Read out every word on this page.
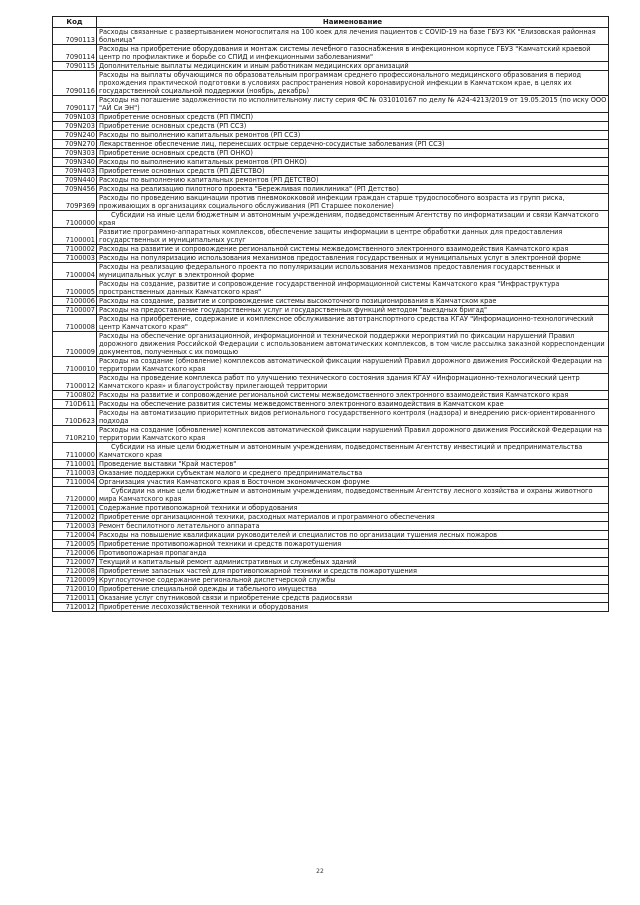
Код	Наименование
7090113	Расходы связанные с развертыванием моногоспиталя на 100 коек для лечения пациентов с COVID-19 на базе ГБУЗ КК "Елизовская районная больница"
7090114	Расходы на приобретение оборудования и монтаж системы лечебного газоснабжения в инфекционном корпусе ГБУЗ "Камчатский краевой центр по профилактике и борьбе со СПИД и инфекционными заболеваниями"
7090115	Дополнительные выплаты медицинским и иным работникам медицинских организаций
7090116	Расходы на выплаты обучающимся по образовательным программам среднего профессионального медицинского образования в период прохождения практической подготовки в условиях распространения новой коронавирусной инфекции в Камчатском крае, в целях их государственной социальной поддержки (ноябрь, декабрь)
7090117	Расходы на погашение задолженности по исполнительному листу серия ФС № 031010167 по делу № А24-4213/2019 от 19.05.2015 (по иску ООО "АЙ Си ЭН")
709N103	Приобретение основных средств (РП ПМСП)
709N203	Приобретение основных средств (РП ССЗ)
709N240	Расходы по выполнению капитальных ремонтов (РП ССЗ)
709N270	Лекарственное обеспечение лиц, перенесших острые сердечно-сосудистые заболевания (РП ССЗ)
709N303	Приобретение основных средств (РП ОНКО)
709N340	Расходы по выполнению капитальных ремонтов (РП ОНКО)
709N403	Приобретение основных средств (РП ДЕТСТВО)
709N440	Расходы по выполнению капитальных ремонтов (РП ДЕТСТВО)
709N456	Расходы на реализацию пилотного проекта "Бережливая поликлиника" (РП Детство)
709P369	Расходы по проведению вакцинации против пневмококковой инфекции граждан старше трудоспособного возраста из групп риска, проживающих в организациях социального обслуживания (РП Старшее поколение)
7100000	Субсидии на иные цели бюджетным и автономным учреждениям, подведомственным Агентству по информатизации и связи Камчатского края
7100001	Развитие программно-аппаратных комплексов, обеспечение защиты информации в центре обработки данных для предоставления государственных и муниципальных услуг
7100002	Расходы на развитие и сопровождение региональной системы межведомственного электронного взаимодействия Камчатского края
7100003	Расходы на популяризацию использования механизмов предоставления государственных и муниципальных услуг в электронной форме
7100004	Расходы на реализацию федерального проекта по популяризации использования механизмов предоставления государственных и муниципальных услуг в электронной форме
7100005	Расходы на создание, развитие и сопровождение государственной информационной системы Камчатского края "Инфраструктура пространственных данных Камчатского края"
7100006	Расходы на создание, развитие и сопровождение системы высокоточного позиционирования в Камчатском крае
7100007	Расходы на предоставление государственных услуг и государственных функций методом "выездных бригад"
7100008	Расходы на приобретение, содержание и комплексное обслуживание автотранспортного средства КГАУ "Информационно-технологический центр Камчатского края"
7100009	Расходы на обеспечение организационной, информационной и технической поддержки мероприятий по фиксации нарушений Правил дорожного движения Российской Федерации с использованием автоматических комплексов, в том числе рассылка заказной корреспонденции документов, полученных с их помощью
7100010	Расходы на создание (обновление) комплексов автоматической фиксации нарушений Правил дорожного движения Российской Федерации на территории Камчатского края
7100012	Расходы на проведение комплекса работ по улучшению технического состояния здания КГАУ «Информационно-технологический центр Камчатского края» и благоустройству прилегающей территории
7100802	Расходы на развитие и сопровождение региональной системы межведомственного электронного взаимодействия Камчатского края
710D611	Расходы на обеспечение развития системы межведомственного электронного взаимодействия в Камчатском крае
710D623	Расходы на автоматизацию приоритетных видов регионального государственного контроля (надзора) и внедрению риск-ориентированного подхода
710R210	Расходы на создание (обновление) комплексов автоматической фиксации нарушений Правил дорожного движения Российской Федерации на территории Камчатского края
7110000	Субсидии на иные цели бюджетным и автономным учреждениям, подведомственным Агентству инвестиций и предпринимательства Камчатского края
7110001	Проведение выставки "Край мастеров"
7110003	Оказание поддержки субъектам малого и среднего предпринимательства
7110004	Организация участия Камчатского края в Восточном экономическом форуме
7120000	Субсидии на иные цели бюджетным и автономным учреждениям, подведомственным Агентству лесного хозяйства и охраны животного мира Камчатского края
7120001	Содержание противопожарной техники и оборудования
7120002	Приобретение организационной техники, расходных материалов и программного обеспечения
7120003	Ремонт беспилотного летательного аппарата
7120004	Расходы на повышение квалификации руководителей и специалистов по организации тушения лесных пожаров
7120005	Приобретение противопожарной техники и средств пожаротушения
7120006	Противопожарная пропаганда
7120007	Текущий и капитальный ремонт административных и служебных зданий
7120008	Приобретение запасных частей для противопожарной техники и средств пожаротушения
7120009	Круглосуточное содержание региональной диспетчерской службы
7120010	Приобретение специальной одежды и табельного имущества
7120011	Оказание услуг спутниковой связи и приобретение средств радиосвязи
7120012	Приобретение лесохозяйственной техники и оборудования
22
